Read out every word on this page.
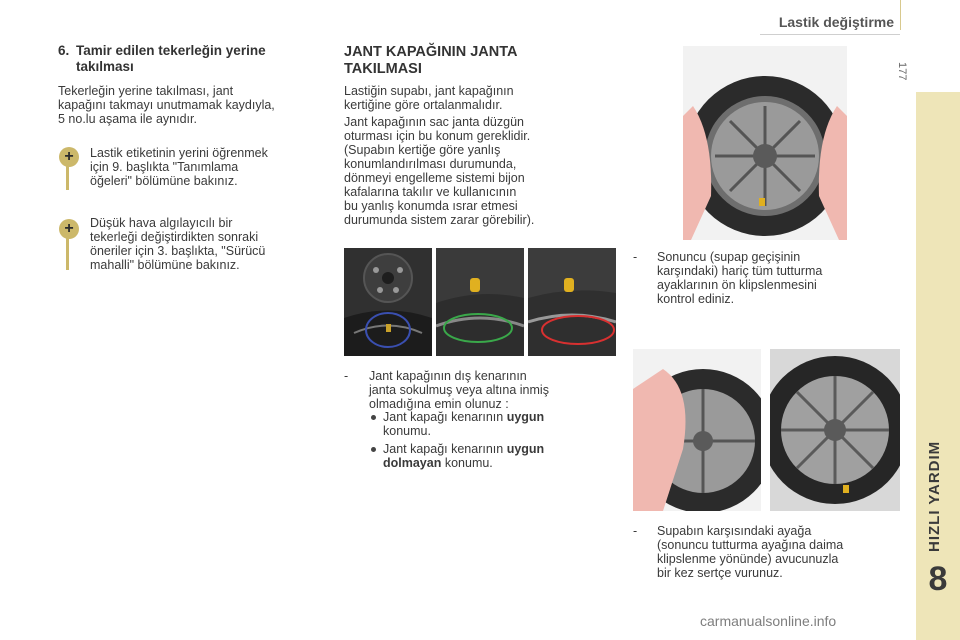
Lastik değiştirme
177
HIZLI YARDIM
8
6. Tamir edilen tekerleğin yerine
takılması
Tekerleğin yerine takılması, jant
kapağını takmayı unutmamak kaydıyla,
5 no.lu aşama ile aynıdır.
+	Lastik etiketinin yerini öğrenmek
için 9. başlıkta "Tanımlama
öğeleri" bölümüne bakınız.
+	Düşük hava algılayıcılı bir
tekerleği değiştirdikten sonraki
öneriler için 3. başlıkta, "Sürücü
mahalli" bölümüne bakınız.
JANT KAPAĞININ JANTA
TAKILMASI
Lastiğin supabı, jant kapağının
kertiğine göre ortalanmalıdır.
Jant kapağının sac janta düzgün
oturması için bu konum gereklidir.
(Supabın kertiğe göre yanlış
konumlandırılması durumunda,
dönmeyi engelleme sistemi bijon
kafalarına takılır ve kullanıcının
bu yanlış konumda ısrar etmesi
durumunda sistem zarar görebilir).
- Jant kapağının dış kenarının
janta sokulmuş veya altına inmiş
olmadığına emin olunuz :
Jant kapağı kenarının uygun
konumu.
Jant kapağı kenarının uygun
dolmayan konumu.
- Sonuncu (supap geçişinin
karşındaki) hariç tüm tutturma
ayaklarının ön klipslenmesini
kontrol ediniz.
- Supabın karşısındaki ayağa
(sonuncu tutturma ayağına daima
klipslenme yönünde) avucunuzla
bir kez sertçe vurunuz.
carmanualsonline.info
